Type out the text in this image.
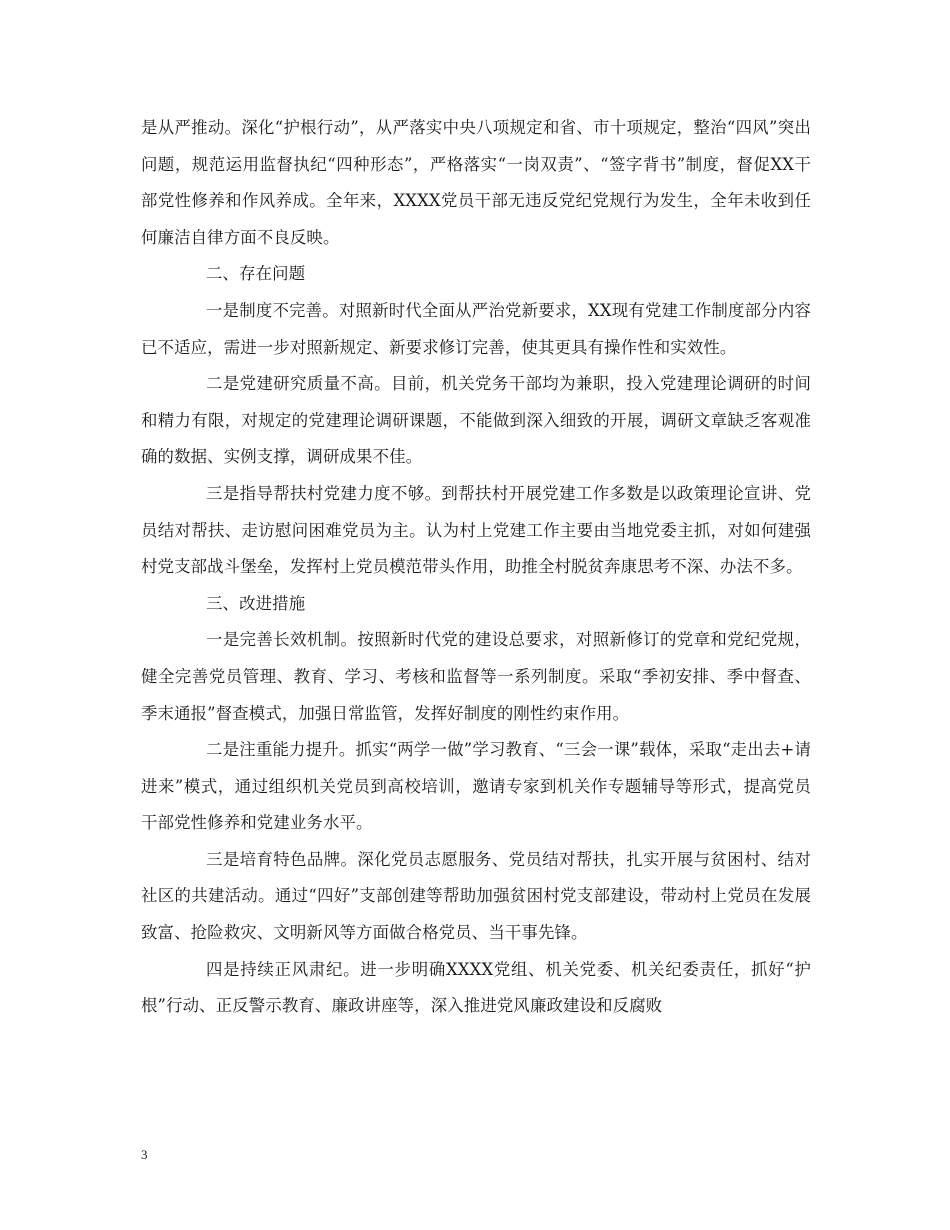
是从严推动。深化“护根行动”，从严落实中央八项规定和省、市十项规定，整治“四风”突出问题，规范运用监督执纪“四种形态”，严格落实“一岗双责”、“签字背书”制度，督促XX干部党性修养和作风养成。全年来，XXXX党员干部无违反党纪党规行为发生，全年未收到任何廉洁自律方面不良反映。

二、存在问题

一是制度不完善。对照新时代全面从严治党新要求，XX现有党建工作制度部分内容已不适应，需进一步对照新规定、新要求修订完善，使其更具有操作性和实效性。

二是党建研究质量不高。目前，机关党务干部均为兼职，投入党建理论调研的时间和精力有限，对规定的党建理论调研课题，不能做到深入细致的开展，调研文章缺乏客观准确的数据、实例支撑，调研成果不佳。

三是指导帮扶村党建力度不够。到帮扶村开展党建工作多数是以政策理论宣讲、党员结对帮扶、走访慰问困难党员为主。认为村上党建工作主要由当地党委主抓，对如何建强村党支部战斗堡垒，发挥村上党员模范带头作用，助推全村脱贫奔康思考不深、办法不多。

三、改进措施

一是完善长效机制。按照新时代党的建设总要求，对照新修订的党章和党纪党规，健全完善党员管理、教育、学习、考核和监督等一系列制度。采取“季初安排、季中督查、季末通报”督查模式，加强日常监管，发挥好制度的刚性约束作用。

二是注重能力提升。抓实“两学一做”学习教育、“三会一课”载体，采取“走出去+请进来”模式，通过组织机关党员到高校培训，邀请专家到机关作专题辅导等形式，提高党员干部党性修养和党建业务水平。

三是培育特色品牌。深化党员志愿服务、党员结对帮扶，扎实开展与贫困村、结对社区的共建活动。通过“四好”支部创建等帮助加强贫困村党支部建设，带动村上党员在发展致富、抢险救灾、文明新风等方面做合格党员、当干事先锋。

四是持续正风肃纪。进一步明确XXXX党组、机关党委、机关纪委责任，抓好“护根”行动、正反警示教育、廉政讲座等，深入推进党风廉政建设和反腐败

3
